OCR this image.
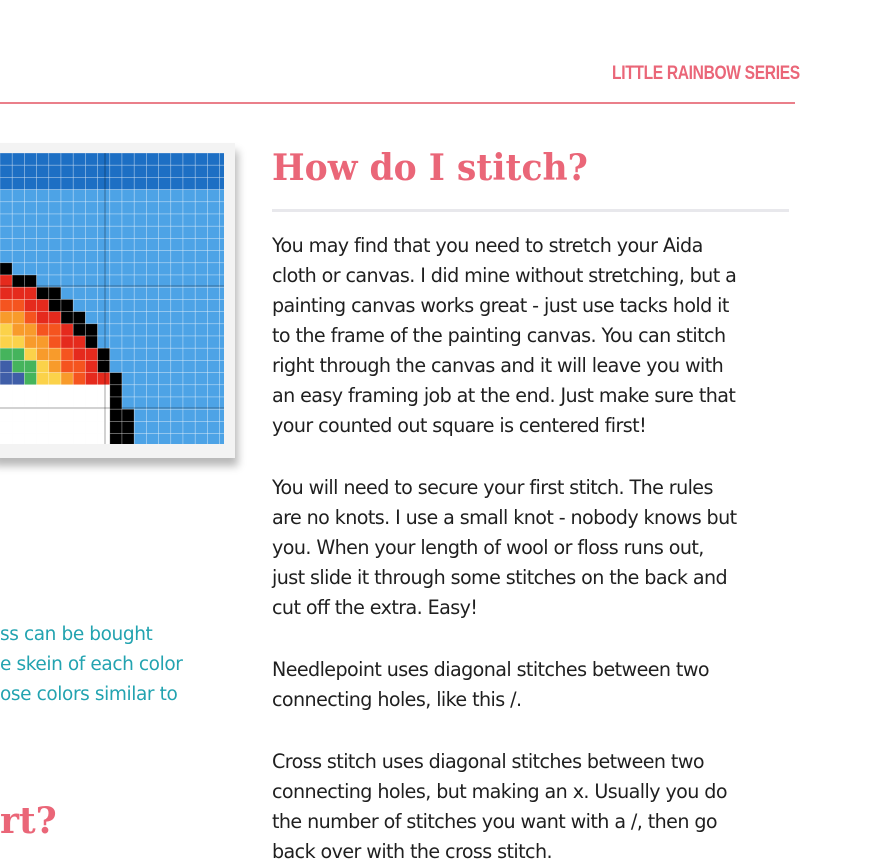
LITTLE RAINBOW SERIES
How do I stitch?

You may find that you need to stretch your Aida
cloth or canvas. I did mine without stretching, but a
painting canvas works great - just use tacks hold it
to the frame of the painting canvas. You can stitch
right through the canvas and it will leave you with
an easy framing job at the end. Just make sure that
your counted out square is centered first!

You will need to secure your first stitch. The rules
are no knots. I use a small knot - nobody knows but
you. When your length of wool or floss runs out,
just slide it through some stitches on the back and
cut off the extra. Easy!

Needlepoint uses diagonal stitches between two
connecting holes, like this /.

Cross stitch uses diagonal stitches between two
connecting holes, but making an x. Usually you do
the number of stitches you want with a /, then go
back over with the cross stitch.

ss can be bought
e skein of each color
ose colors similar to
rt?
